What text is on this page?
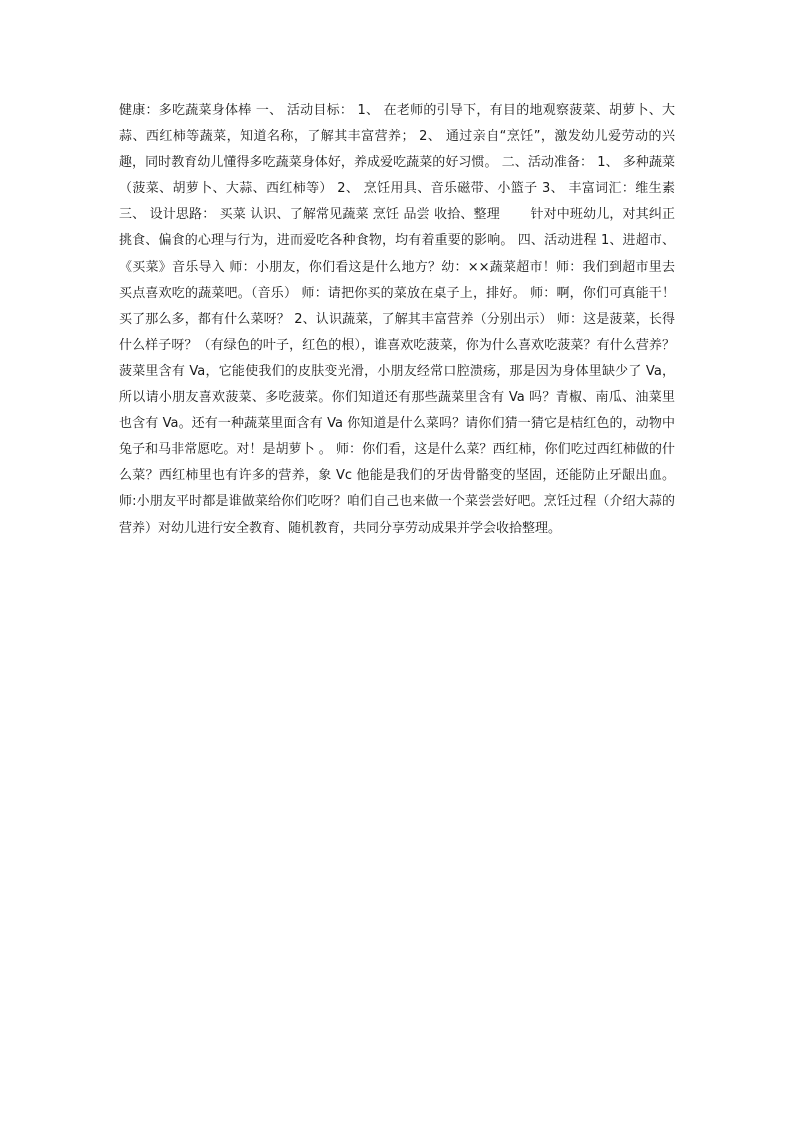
健康：多吃蔬菜身体棒 一、 活动目标： 1、 在老师的引导下，有目的地观察菠菜、胡萝卜、大蒜、西红柿等蔬菜，知道名称，了解其丰富营养； 2、 通过亲自“烹饪”，激发幼儿爱劳动的兴趣，同时教育幼儿懂得多吃蔬菜身体好，养成爱吃蔬菜的好习惯。 二、活动准备： 1、 多种蔬菜（菠菜、胡萝卜、大蒜、西红柿等） 2、 烹饪用具、音乐磁带、小篮子 3、 丰富词汇：维生素 三、 设计思路： 买菜 认识、了解常见蔬菜 烹饪 品尝 收拾、整理　　 针对中班幼儿，对其纠正挑食、偏食的心理与行为，进而爱吃各种食物，均有着重要的影响。 四、活动进程 1、进超市、《买菜》音乐导入 师：小朋友，你们看这是什么地方？幼：××蔬菜超市！师：我们到超市里去买点喜欢吃的蔬菜吧。（音乐） 师：请把你买的菜放在桌子上，排好。 师：啊，你们可真能干！买了那么多，都有什么菜呀？ 2、认识蔬菜，了解其丰富营养（分别出示） 师：这是菠菜，长得什么样子呀？（有绿色的叶子，红色的根），谁喜欢吃菠菜，你为什么喜欢吃菠菜？有什么营养？菠菜里含有 Va，它能使我们的皮肤变光滑，小朋友经常口腔溃疡，那是因为身体里缺少了 Va，所以请小朋友喜欢菠菜、多吃菠菜。你们知道还有那些蔬菜里含有 Va 吗？青椒、南瓜、油菜里也含有 Va。还有一种蔬菜里面含有 Va 你知道是什么菜吗？请你们猜一猜它是桔红色的，动物中兔子和马非常愿吃。对！是胡萝卜 。 师：你们看，这是什么菜？西红柿，你们吃过西红柿做的什么菜？西红柿里也有许多的营养，象 Vc 他能是我们的牙齿骨骼变的坚固，还能防止牙龈出血。师:小朋友平时都是谁做菜给你们吃呀？咱们自己也来做一个菜尝尝好吧。烹饪过程（介绍大蒜的营养）对幼儿进行安全教育、随机教育，共同分享劳动成果并学会收拾整理。
